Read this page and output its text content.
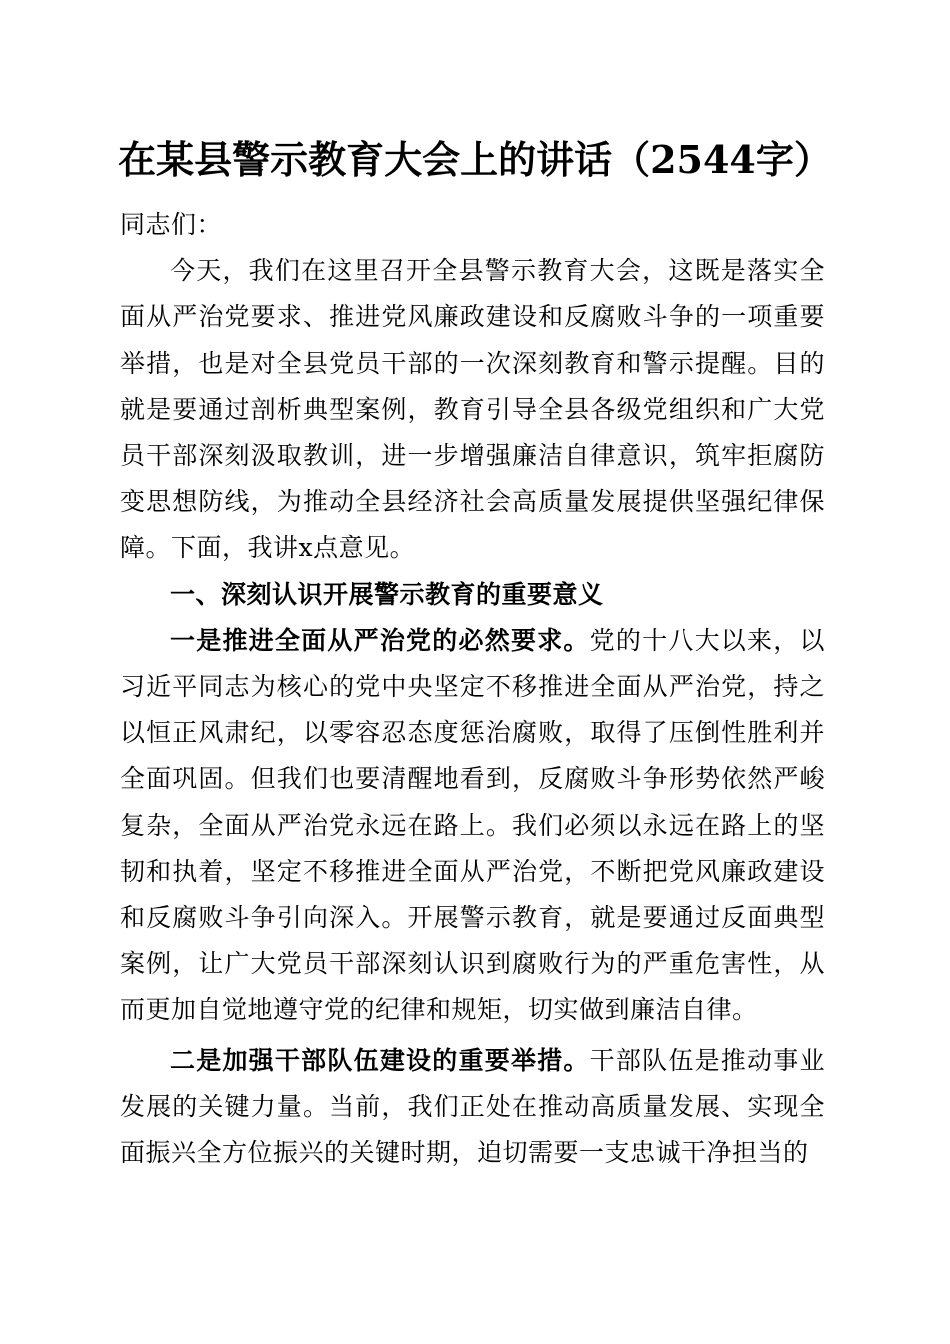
在某县警示教育大会上的讲话（2544字）

同志们：

今天，我们在这里召开全县警示教育大会，这既是落实全面从严治党要求、推进党风廉政建设和反腐败斗争的一项重要举措，也是对全县党员干部的一次深刻教育和警示提醒。目的就是要通过剖析典型案例，教育引导全县各级党组织和广大党员干部深刻汲取教训，进一步增强廉洁自律意识，筑牢拒腐防变思想防线，为推动全县经济社会高质量发展提供坚强纪律保障。下面，我讲x点意见。

一、深刻认识开展警示教育的重要意义

一是推进全面从严治党的必然要求。党的十八大以来，以习近平同志为核心的党中央坚定不移推进全面从严治党，持之以恒正风肃纪，以零容忍态度惩治腐败，取得了压倒性胜利并全面巩固。但我们也要清醒地看到，反腐败斗争形势依然严峻复杂，全面从严治党永远在路上。我们必须以永远在路上的坚韧和执着，坚定不移推进全面从严治党，不断把党风廉政建设和反腐败斗争引向深入。开展警示教育，就是要通过反面典型案例，让广大党员干部深刻认识到腐败行为的严重危害性，从而更加自觉地遵守党的纪律和规矩，切实做到廉洁自律。

二是加强干部队伍建设的重要举措。干部队伍是推动事业发展的关键力量。当前，我们正处在推动高质量发展、实现全面振兴全方位振兴的关键时期，迫切需要一支忠诚干净担当的
